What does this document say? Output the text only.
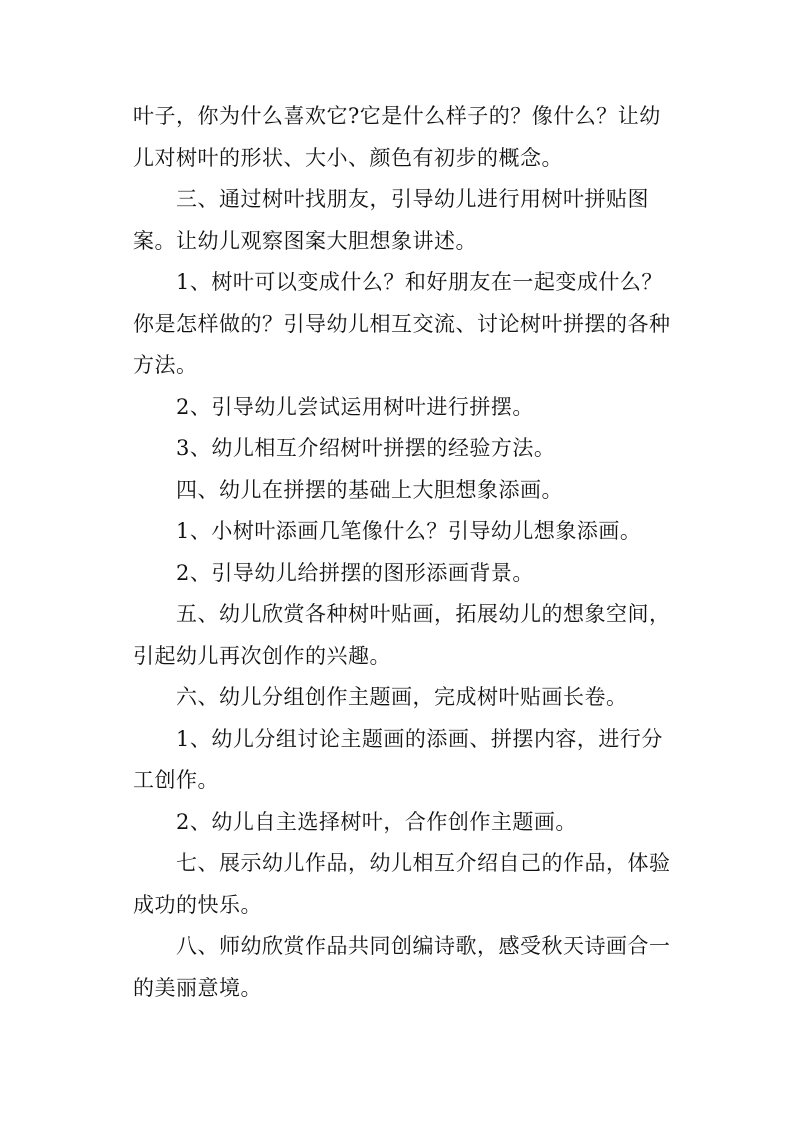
叶子，你为什么喜欢它?它是什么样子的？像什么？让幼儿对树叶的形状、大小、颜色有初步的概念。

三、通过树叶找朋友，引导幼儿进行用树叶拼贴图案。让幼儿观察图案大胆想象讲述。

1、树叶可以变成什么？和好朋友在一起变成什么？你是怎样做的？引导幼儿相互交流、讨论树叶拼摆的各种方法。

2、引导幼儿尝试运用树叶进行拼摆。

3、幼儿相互介绍树叶拼摆的经验方法。

四、幼儿在拼摆的基础上大胆想象添画。

1、小树叶添画几笔像什么？引导幼儿想象添画。

2、引导幼儿给拼摆的图形添画背景。

五、幼儿欣赏各种树叶贴画，拓展幼儿的想象空间，引起幼儿再次创作的兴趣。

六、幼儿分组创作主题画，完成树叶贴画长卷。

1、幼儿分组讨论主题画的添画、拼摆内容，进行分工创作。

2、幼儿自主选择树叶，合作创作主题画。

七、展示幼儿作品，幼儿相互介绍自己的作品，体验成功的快乐。

八、师幼欣赏作品共同创编诗歌，感受秋天诗画合一的美丽意境。
